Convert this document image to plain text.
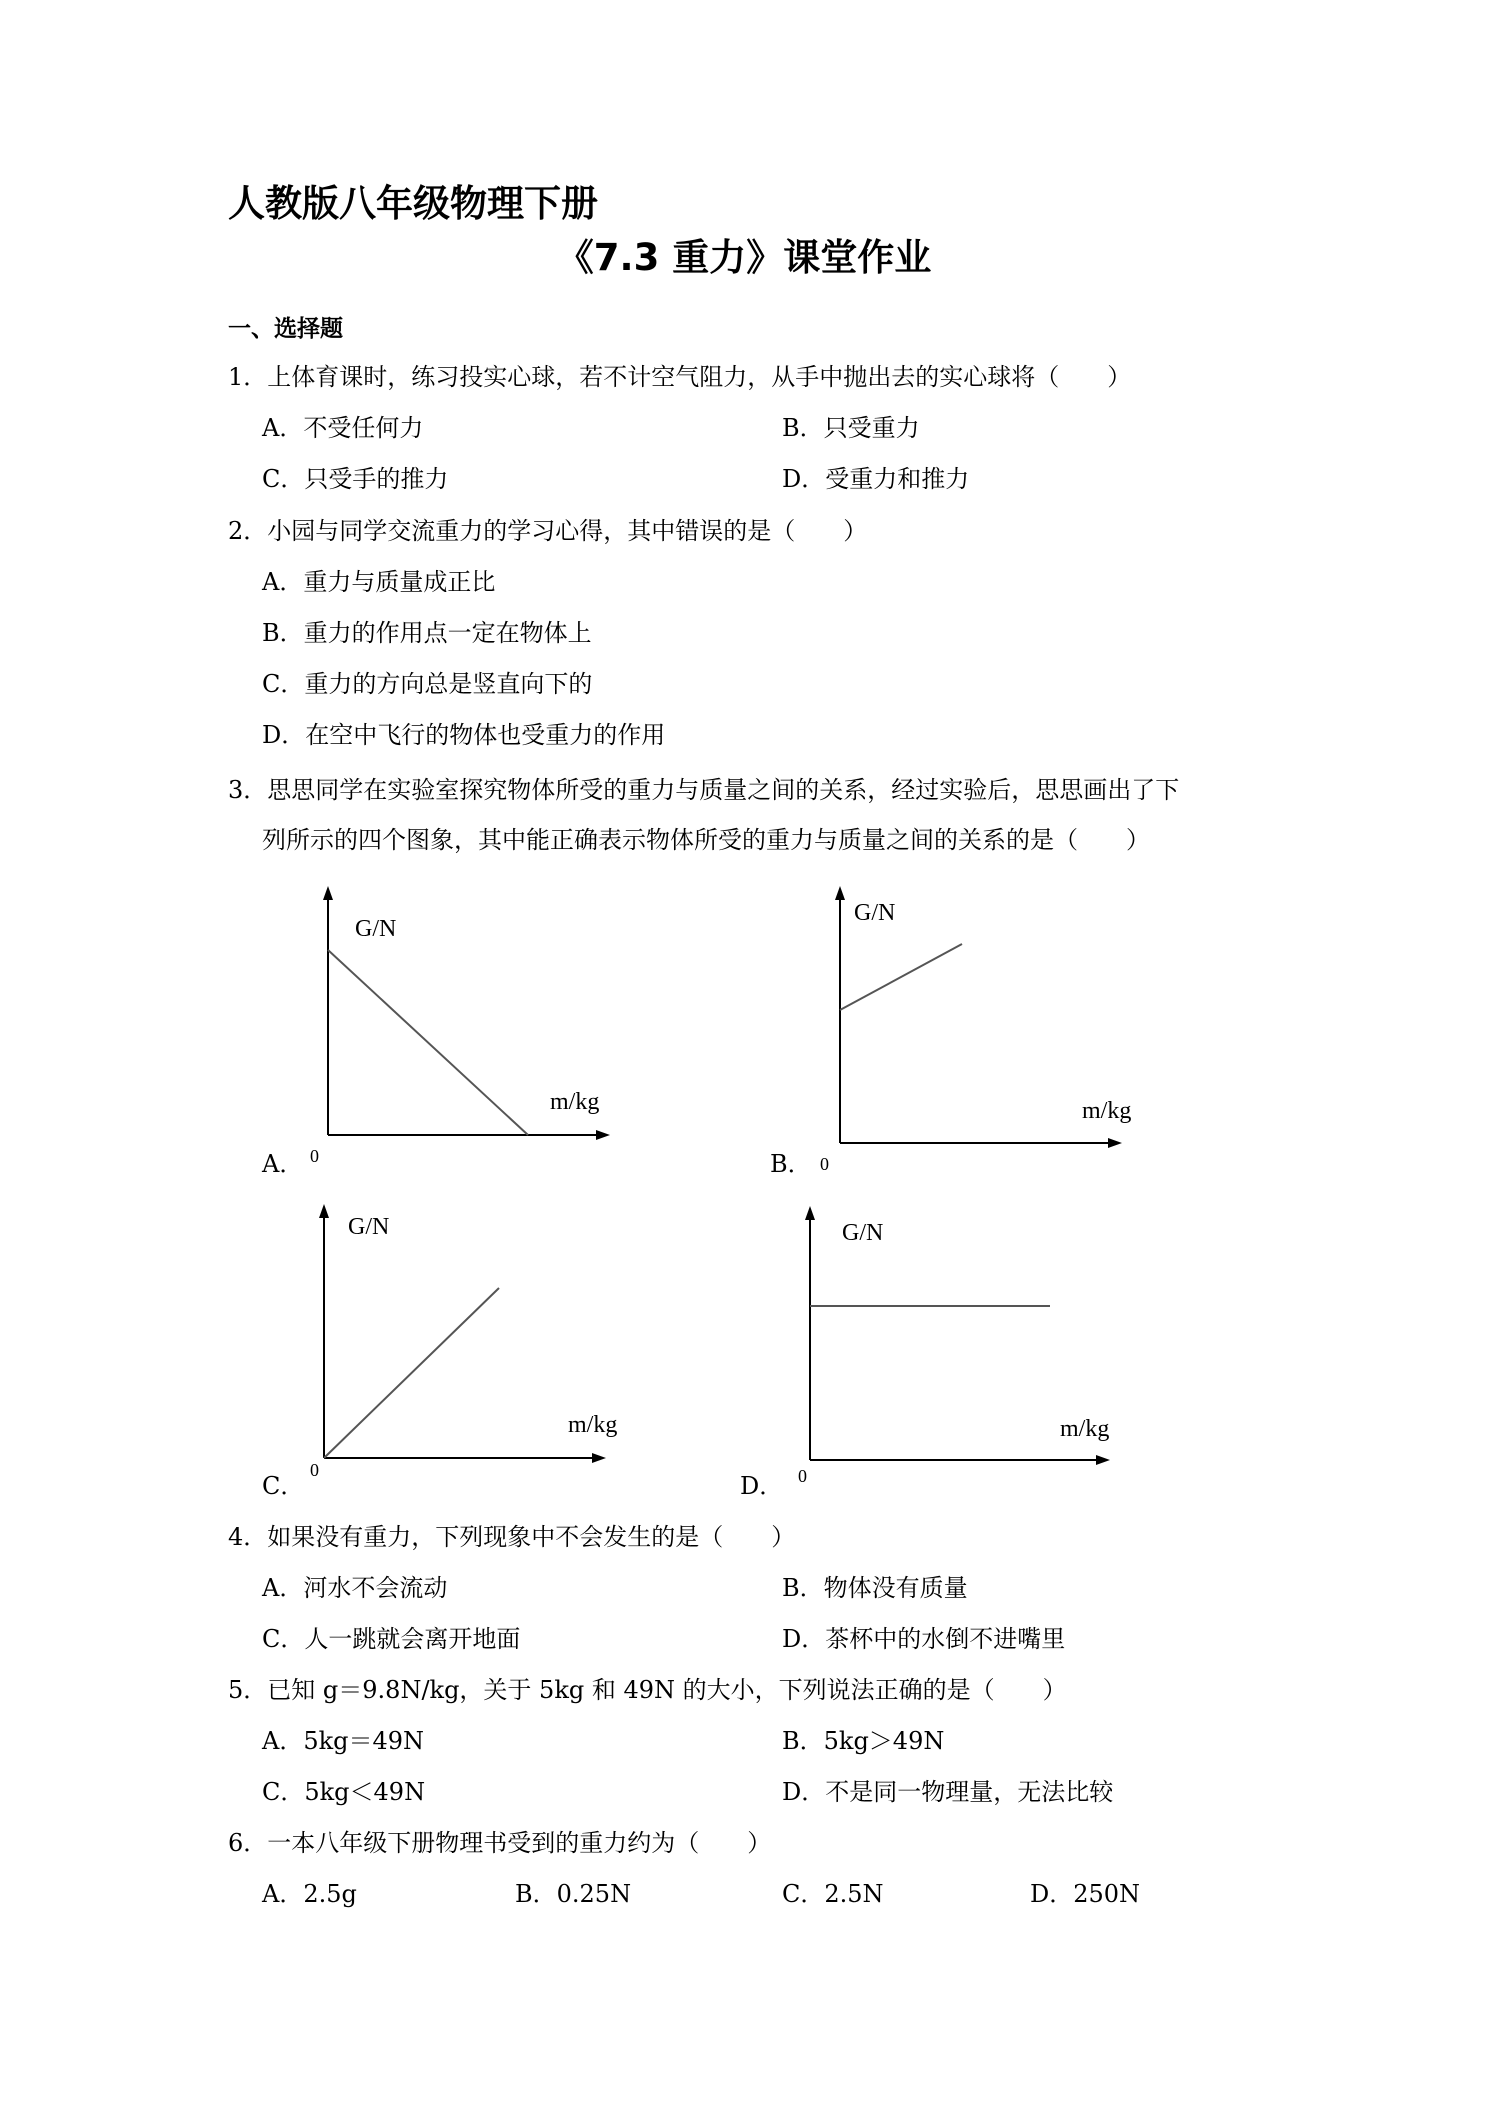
人教版八年级物理下册
《7.3 重力》课堂作业
一、选择题
1．上体育课时，练习投实心球，若不计空气阻力，从手中抛出去的实心球将（　　）
A．不受任何力	B．只受重力
C．只受手的推力	D．受重力和推力
2．小园与同学交流重力的学习心得，其中错误的是（　　）
A．重力与质量成正比
B．重力的作用点一定在物体上
C．重力的方向总是竖直向下的
D．在空中飞行的物体也受重力的作用
3．思思同学在实验室探究物体所受的重力与质量之间的关系，经过实验后，思思画出了下
列所示的四个图象，其中能正确表示物体所受的重力与质量之间的关系的是（　　）
G/N
m/kg
0
A．
G/N
m/kg
0
B．
G/N
m/kg
0
C．
G/N
m/kg
0
D．
4．如果没有重力，下列现象中不会发生的是（　　）
A．河水不会流动	B．物体没有质量
C．人一跳就会离开地面	D．茶杯中的水倒不进嘴里
5．已知 g＝9.8N/kg，关于 5kg 和 49N 的大小，下列说法正确的是（　　）
A．5kg＝49N	B．5kg＞49N
C．5kg＜49N	D．不是同一物理量，无法比较
6．一本八年级下册物理书受到的重力约为（　　）
A．2.5g	B．0.25N	C．2.5N	D．250N
